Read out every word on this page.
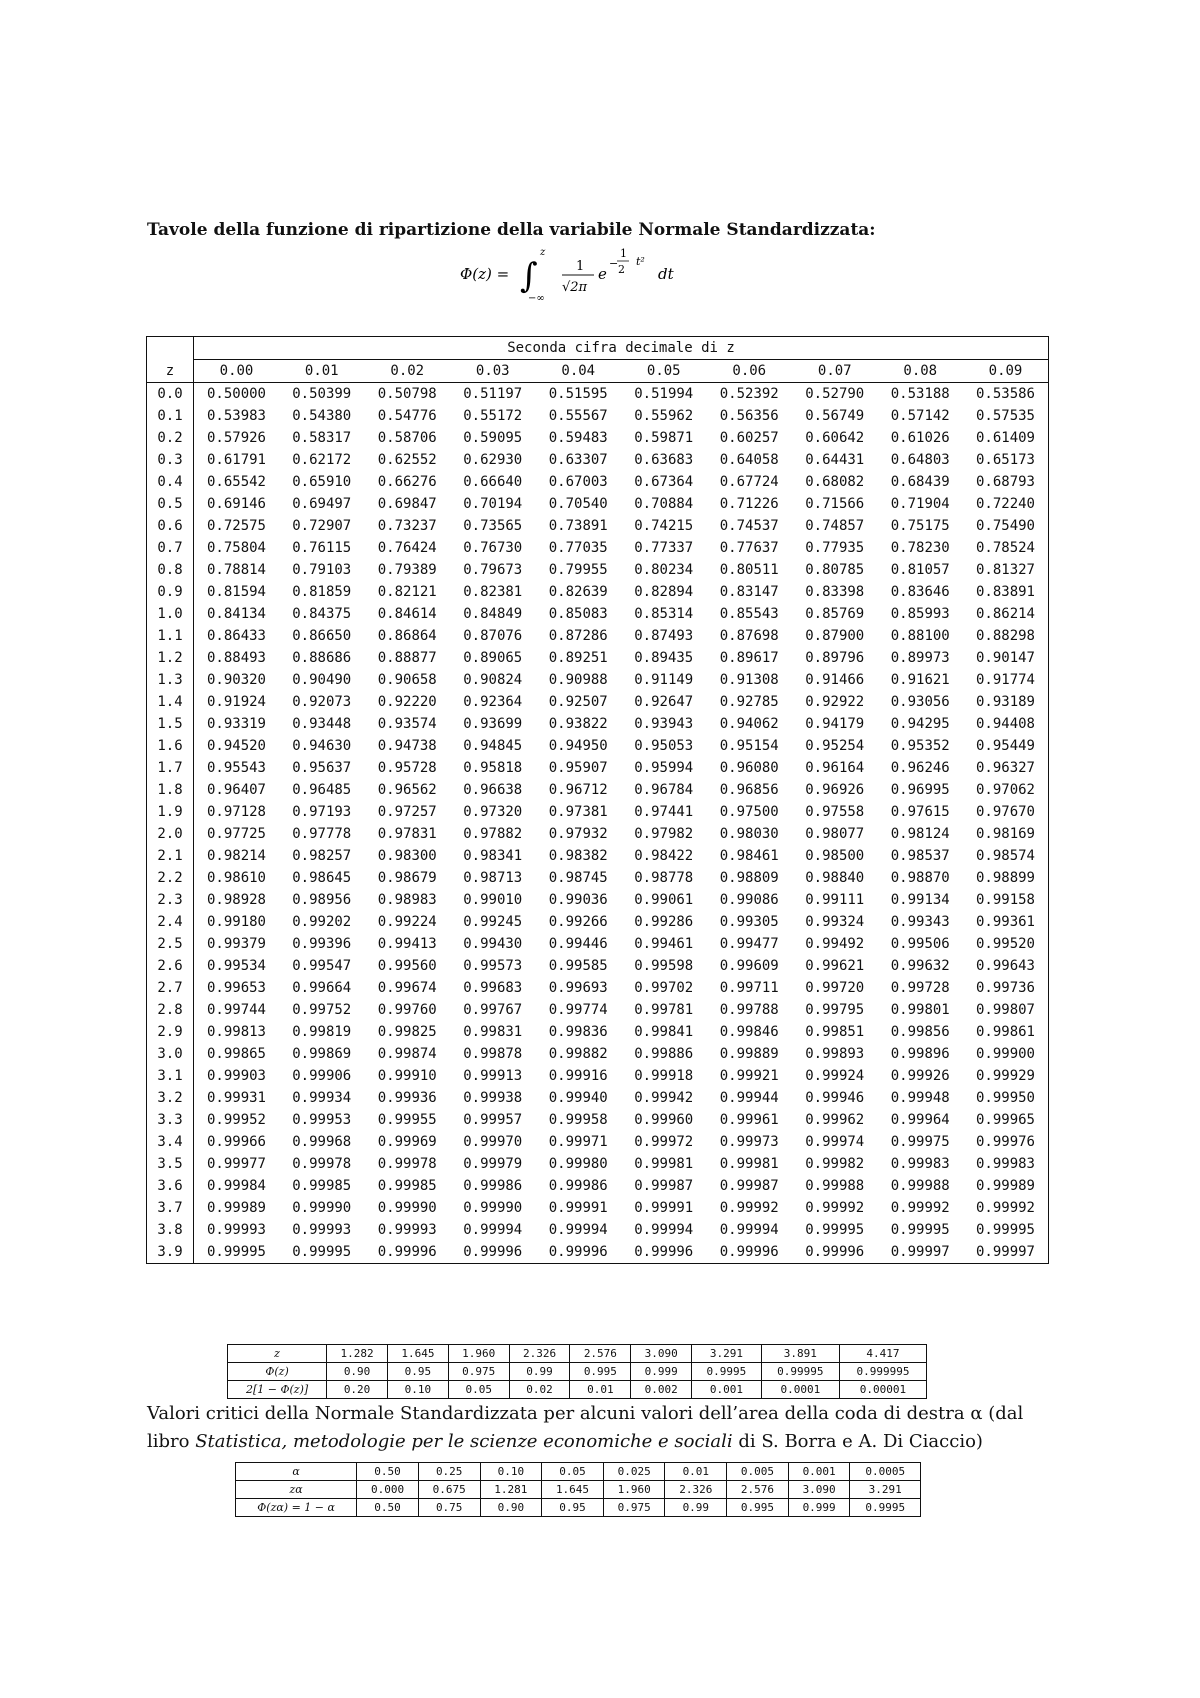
Tavole della funzione di ripartizione della variabile Normale Standardizzata:
Φ(z) = ∫
z
−∞
1
√2π
e
−
1
2
t²
dt
	Seconda cifra decimale di z									
z	0.00	0.01	0.02	0.03	0.04	0.05	0.06	0.07	0.08	0.09
0.0	0.50000	0.50399	0.50798	0.51197	0.51595	0.51994	0.52392	0.52790	0.53188	0.53586
0.1	0.53983	0.54380	0.54776	0.55172	0.55567	0.55962	0.56356	0.56749	0.57142	0.57535
0.2	0.57926	0.58317	0.58706	0.59095	0.59483	0.59871	0.60257	0.60642	0.61026	0.61409
0.3	0.61791	0.62172	0.62552	0.62930	0.63307	0.63683	0.64058	0.64431	0.64803	0.65173
0.4	0.65542	0.65910	0.66276	0.66640	0.67003	0.67364	0.67724	0.68082	0.68439	0.68793
0.5	0.69146	0.69497	0.69847	0.70194	0.70540	0.70884	0.71226	0.71566	0.71904	0.72240
0.6	0.72575	0.72907	0.73237	0.73565	0.73891	0.74215	0.74537	0.74857	0.75175	0.75490
0.7	0.75804	0.76115	0.76424	0.76730	0.77035	0.77337	0.77637	0.77935	0.78230	0.78524
0.8	0.78814	0.79103	0.79389	0.79673	0.79955	0.80234	0.80511	0.80785	0.81057	0.81327
0.9	0.81594	0.81859	0.82121	0.82381	0.82639	0.82894	0.83147	0.83398	0.83646	0.83891
1.0	0.84134	0.84375	0.84614	0.84849	0.85083	0.85314	0.85543	0.85769	0.85993	0.86214
1.1	0.86433	0.86650	0.86864	0.87076	0.87286	0.87493	0.87698	0.87900	0.88100	0.88298
1.2	0.88493	0.88686	0.88877	0.89065	0.89251	0.89435	0.89617	0.89796	0.89973	0.90147
1.3	0.90320	0.90490	0.90658	0.90824	0.90988	0.91149	0.91308	0.91466	0.91621	0.91774
1.4	0.91924	0.92073	0.92220	0.92364	0.92507	0.92647	0.92785	0.92922	0.93056	0.93189
1.5	0.93319	0.93448	0.93574	0.93699	0.93822	0.93943	0.94062	0.94179	0.94295	0.94408
1.6	0.94520	0.94630	0.94738	0.94845	0.94950	0.95053	0.95154	0.95254	0.95352	0.95449
1.7	0.95543	0.95637	0.95728	0.95818	0.95907	0.95994	0.96080	0.96164	0.96246	0.96327
1.8	0.96407	0.96485	0.96562	0.96638	0.96712	0.96784	0.96856	0.96926	0.96995	0.97062
1.9	0.97128	0.97193	0.97257	0.97320	0.97381	0.97441	0.97500	0.97558	0.97615	0.97670
2.0	0.97725	0.97778	0.97831	0.97882	0.97932	0.97982	0.98030	0.98077	0.98124	0.98169
2.1	0.98214	0.98257	0.98300	0.98341	0.98382	0.98422	0.98461	0.98500	0.98537	0.98574
2.2	0.98610	0.98645	0.98679	0.98713	0.98745	0.98778	0.98809	0.98840	0.98870	0.98899
2.3	0.98928	0.98956	0.98983	0.99010	0.99036	0.99061	0.99086	0.99111	0.99134	0.99158
2.4	0.99180	0.99202	0.99224	0.99245	0.99266	0.99286	0.99305	0.99324	0.99343	0.99361
2.5	0.99379	0.99396	0.99413	0.99430	0.99446	0.99461	0.99477	0.99492	0.99506	0.99520
2.6	0.99534	0.99547	0.99560	0.99573	0.99585	0.99598	0.99609	0.99621	0.99632	0.99643
2.7	0.99653	0.99664	0.99674	0.99683	0.99693	0.99702	0.99711	0.99720	0.99728	0.99736
2.8	0.99744	0.99752	0.99760	0.99767	0.99774	0.99781	0.99788	0.99795	0.99801	0.99807
2.9	0.99813	0.99819	0.99825	0.99831	0.99836	0.99841	0.99846	0.99851	0.99856	0.99861
3.0	0.99865	0.99869	0.99874	0.99878	0.99882	0.99886	0.99889	0.99893	0.99896	0.99900
3.1	0.99903	0.99906	0.99910	0.99913	0.99916	0.99918	0.99921	0.99924	0.99926	0.99929
3.2	0.99931	0.99934	0.99936	0.99938	0.99940	0.99942	0.99944	0.99946	0.99948	0.99950
3.3	0.99952	0.99953	0.99955	0.99957	0.99958	0.99960	0.99961	0.99962	0.99964	0.99965
3.4	0.99966	0.99968	0.99969	0.99970	0.99971	0.99972	0.99973	0.99974	0.99975	0.99976
3.5	0.99977	0.99978	0.99978	0.99979	0.99980	0.99981	0.99981	0.99982	0.99983	0.99983
3.6	0.99984	0.99985	0.99985	0.99986	0.99986	0.99987	0.99987	0.99988	0.99988	0.99989
3.7	0.99989	0.99990	0.99990	0.99990	0.99991	0.99991	0.99992	0.99992	0.99992	0.99992
3.8	0.99993	0.99993	0.99993	0.99994	0.99994	0.99994	0.99994	0.99995	0.99995	0.99995
3.9	0.99995	0.99995	0.99996	0.99996	0.99996	0.99996	0.99996	0.99996	0.99997	0.99997
z	1.282	1.645	1.960	2.326	2.576	3.090	3.291	3.891	4.417
Φ(z)	0.90	0.95	0.975	0.99	0.995	0.999	0.9995	0.99995	0.999995
2[1 − Φ(z)]	0.20	0.10	0.05	0.02	0.01	0.002	0.001	0.0001	0.00001
Valori critici della Normale Standardizzata per alcuni valori dell’area della coda di destra α (dal libro Statistica, metodologie per le scienze economiche e sociali di S. Borra e A. Di Ciaccio)
α	0.50	0.25	0.10	0.05	0.025	0.01	0.005	0.001	0.0005
zα	0.000	0.675	1.281	1.645	1.960	2.326	2.576	3.090	3.291
Φ(zα) = 1 − α	0.50	0.75	0.90	0.95	0.975	0.99	0.995	0.999	0.9995
